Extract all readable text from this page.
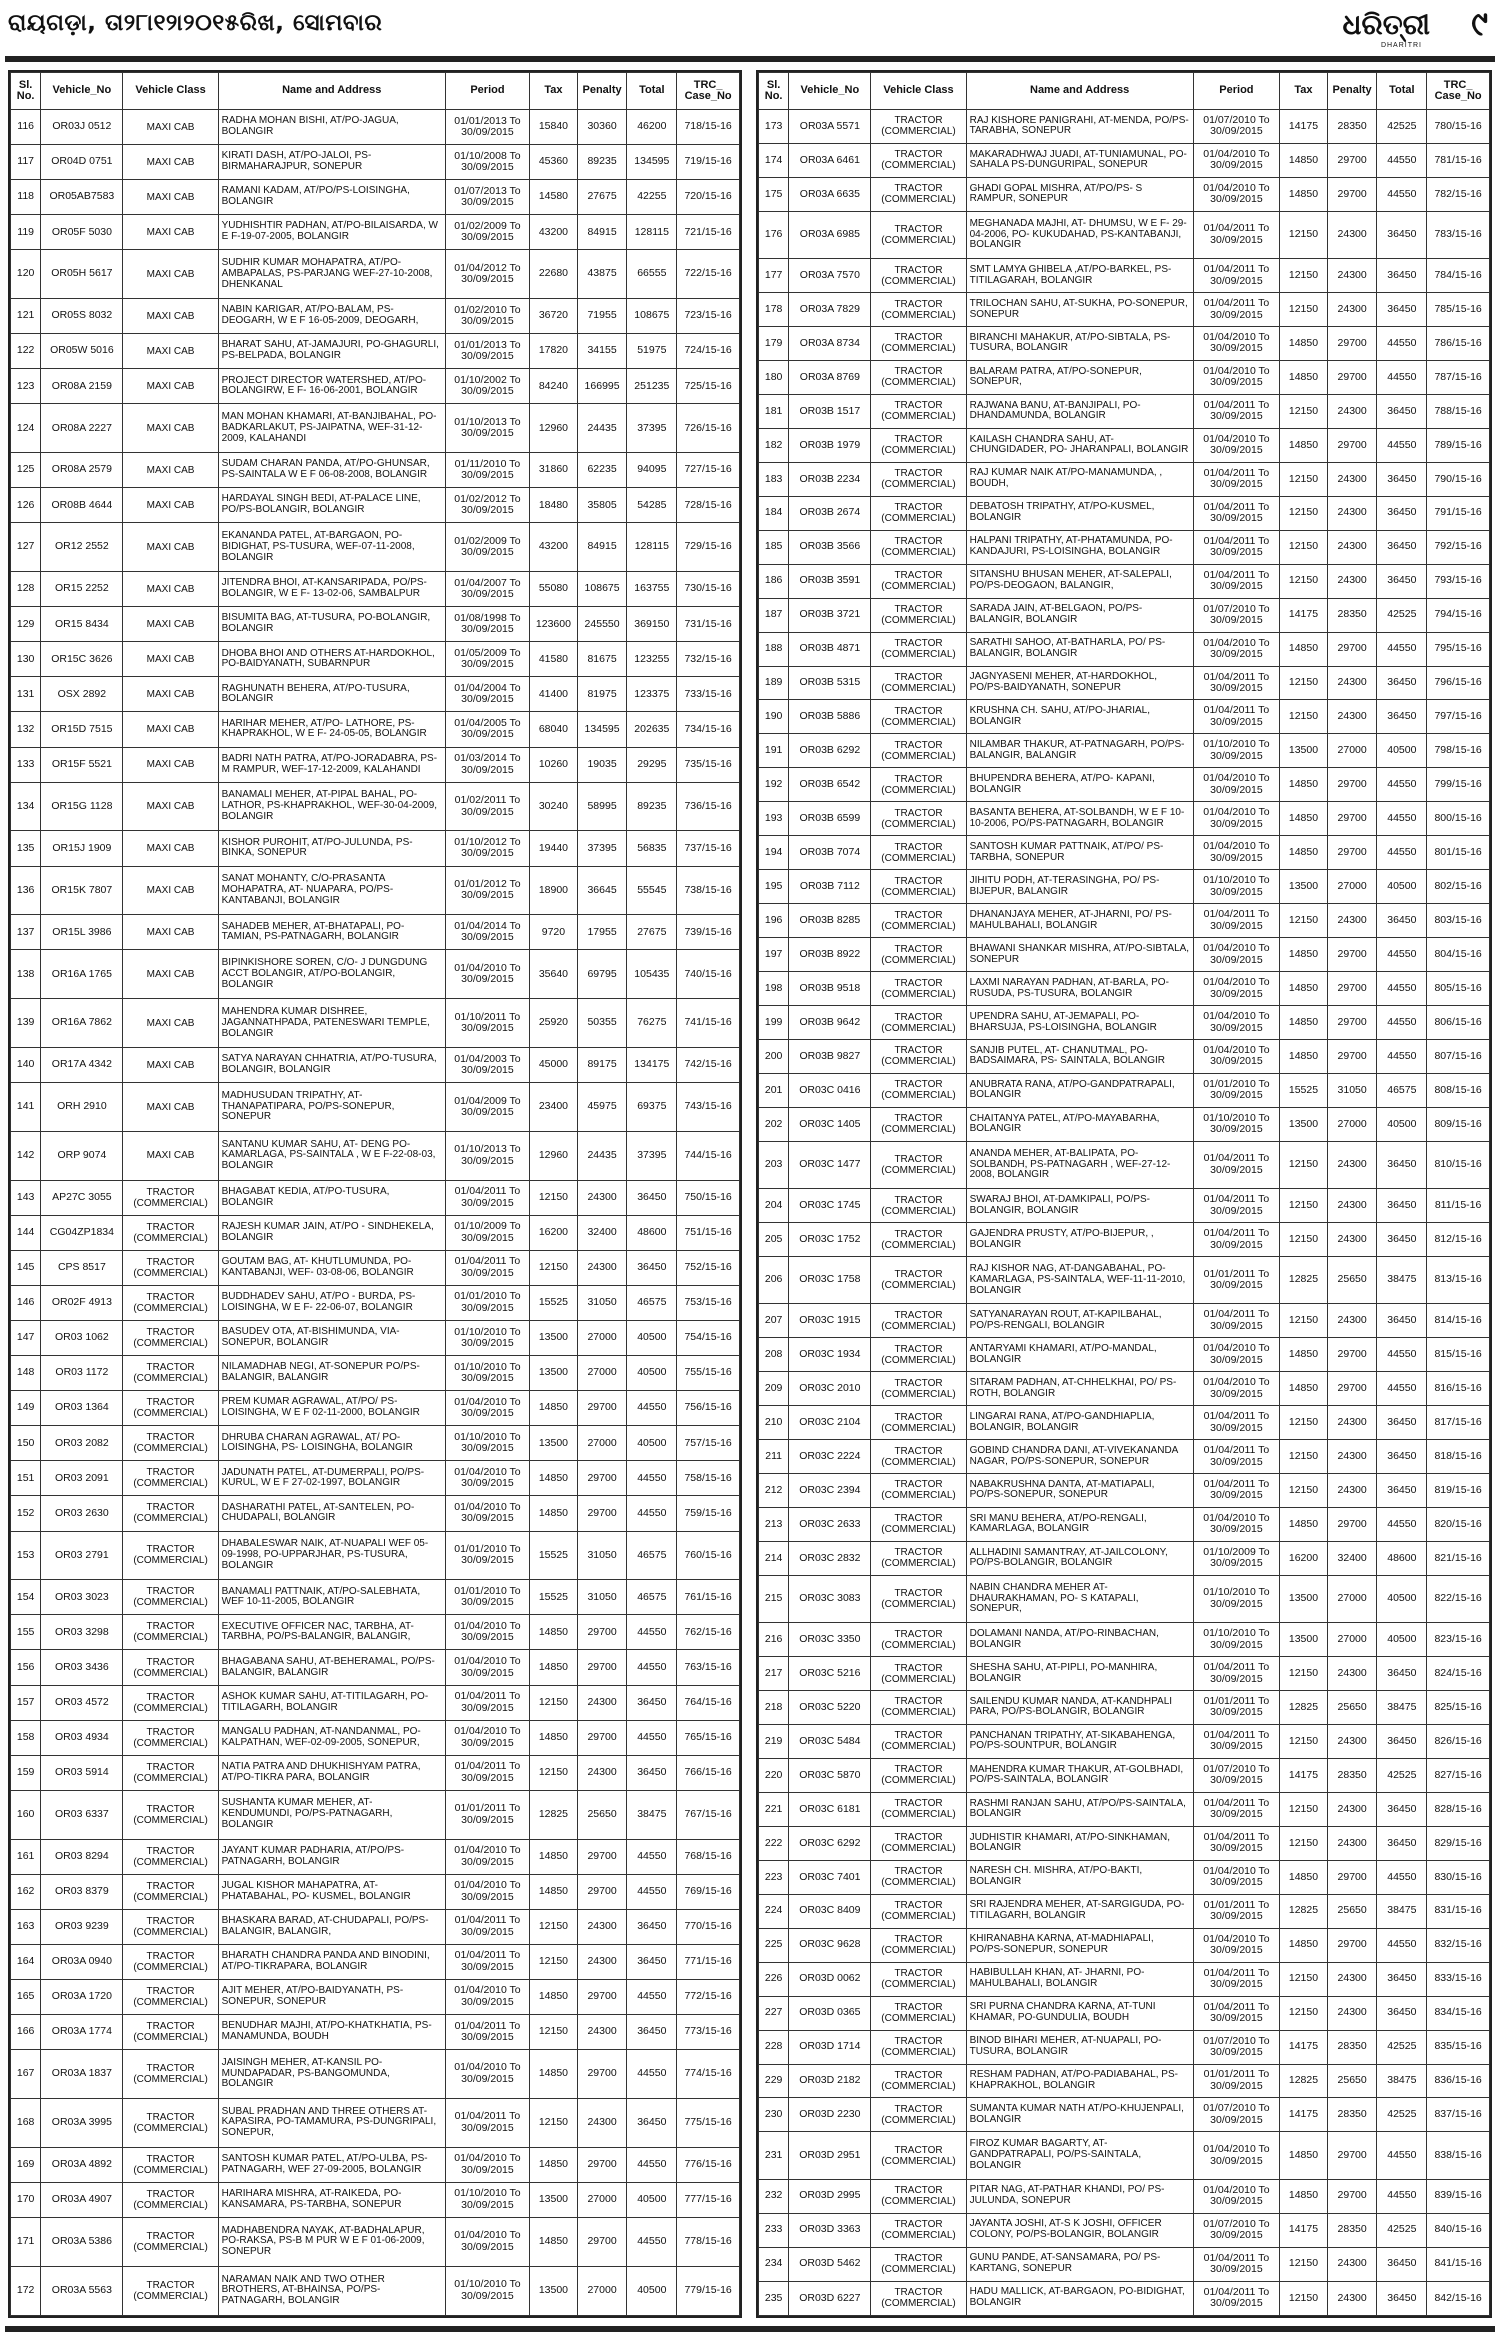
ରାୟଗଡ଼ା, ତା୨୮ା୧୨ା୨୦୧୫ରିଖ, ସୋମବାର	ଧରିତ୍ରୀ
DHARITRI
୯
Sl. No.	Vehicle_No	Vehicle Class	Name and Address	Period	Tax	Penalty	Total	TRC_ Case_No
116	OR03J 0512	MAXI CAB	RADHA MOHAN BISHI, AT/PO-JAGUA, BOLANGIR	01/01/2013 To 30/09/2015	15840	30360	46200	718/15-16
117	OR04D 0751	MAXI CAB	KIRATI DASH, AT/PO-JALOI, PS-BIRMAHARAJPUR, SONEPUR	01/10/2008 To 30/09/2015	45360	89235	134595	719/15-16
118	OR05AB7583	MAXI CAB	RAMANI KADAM, AT/PO/PS-LOISINGHA, BOLANGIR	01/07/2013 To 30/09/2015	14580	27675	42255	720/15-16
119	OR05F 5030	MAXI CAB	YUDHISHTIR PADHAN, AT/PO-BILAISARDA, W E F-19-07-2005, BOLANGIR	01/02/2009 To 30/09/2015	43200	84915	128115	721/15-16
120	OR05H 5617	MAXI CAB	SUDHIR KUMAR MOHAPATRA, AT/PO-AMBAPALAS, PS-PARJANG WEF-27-10-2008, DHENKANAL	01/04/2012 To 30/09/2015	22680	43875	66555	722/15-16
121	OR05S 8032	MAXI CAB	NABIN KARIGAR, AT/PO-BALAM, PS-DEOGARH, W E F 16-05-2009, DEOGARH,	01/02/2010 To 30/09/2015	36720	71955	108675	723/15-16
122	OR05W 5016	MAXI CAB	BHARAT SAHU, AT-JAMAJURI, PO-GHAGURLI, PS-BELPADA, BOLANGIR	01/01/2013 To 30/09/2015	17820	34155	51975	724/15-16
123	OR08A 2159	MAXI CAB	PROJECT DIRECTOR WATERSHED, AT/PO- BOLANGIRW, E F- 16-06-2001, BOLANGIR	01/10/2002 To 30/09/2015	84240	166995	251235	725/15-16
124	OR08A 2227	MAXI CAB	MAN MOHAN KHAMARI, AT-BANJIBAHAL, PO-BADKARLAKUT, PS-JAIPATNA, WEF-31-12-2009, KALAHANDI	01/10/2013 To 30/09/2015	12960	24435	37395	726/15-16
125	OR08A 2579	MAXI CAB	SUDAM CHARAN PANDA, AT/PO-GHUNSAR, PS-SAINTALA W E F 06-08-2008, BOLANGIR	01/11/2010 To 30/09/2015	31860	62235	94095	727/15-16
126	OR08B 4644	MAXI CAB	HARDAYAL SINGH BEDI, AT-PALACE LINE, PO/PS-BOLANGIR, BOLANGIR	01/02/2012 To 30/09/2015	18480	35805	54285	728/15-16
127	OR12 2552	MAXI CAB	EKANANDA PATEL, AT-BARGAON, PO-BIDIGHAT, PS-TUSURA, WEF-07-11-2008, BOLANGIR	01/02/2009 To 30/09/2015	43200	84915	128115	729/15-16
128	OR15 2252	MAXI CAB	JITENDRA BHOI, AT-KANSARIPADA, PO/PS- BOLANGIR, W E F- 13-02-06, SAMBALPUR	01/04/2007 To 30/09/2015	55080	108675	163755	730/15-16
129	OR15 8434	MAXI CAB	BISUMITA BAG, AT-TUSURA, PO-BOLANGIR, BOLANGIR	01/08/1998 To 30/09/2015	123600	245550	369150	731/15-16
130	OR15C 3626	MAXI CAB	DHOBA BHOI AND OTHERS AT-HARDOKHOL, PO-BAIDYANATH, SUBARNPUR	01/05/2009 To 30/09/2015	41580	81675	123255	732/15-16
131	OSX 2892	MAXI CAB	RAGHUNATH BEHERA, AT/PO-TUSURA, BOLANGIR	01/04/2004 To 30/09/2015	41400	81975	123375	733/15-16
132	OR15D 7515	MAXI CAB	HARIHAR MEHER, AT/PO- LATHORE, PS- KHAPRAKHOL, W E F- 24-05-05, BOLANGIR	01/04/2005 To 30/09/2015	68040	134595	202635	734/15-16
133	OR15F 5521	MAXI CAB	BADRI NATH PATRA, AT/PO-JORADABRA, PS-M RAMPUR, WEF-17-12-2009, KALAHANDI	01/03/2014 To 30/09/2015	10260	19035	29295	735/15-16
134	OR15G 1128	MAXI CAB	BANAMALI MEHER, AT-PIPAL BAHAL, PO-LATHOR, PS-KHAPRAKHOL, WEF-30-04-2009, BOLANGIR	01/02/2011 To 30/09/2015	30240	58995	89235	736/15-16
135	OR15J 1909	MAXI CAB	KISHOR PUROHIT, AT/PO-JULUNDA, PS-BINKA, SONEPUR	01/10/2012 To 30/09/2015	19440	37395	56835	737/15-16
136	OR15K 7807	MAXI CAB	SANAT MOHANTY, C/O-PRASANTA MOHAPATRA, AT- NUAPARA, PO/PS-KANTABANJI, BOLANGIR	01/01/2012 To 30/09/2015	18900	36645	55545	738/15-16
137	OR15L 3986	MAXI CAB	SAHADEB MEHER, AT-BHATAPALI, PO-TAMIAN, PS-PATNAGARH, BOLANGIR	01/04/2014 To 30/09/2015	9720	17955	27675	739/15-16
138	OR16A 1765	MAXI CAB	BIPINKISHORE SOREN, C/O- J DUNGDUNG ACCT BOLANGIR, AT/PO-BOLANGIR, BOLANGIR	01/04/2010 To 30/09/2015	35640	69795	105435	740/15-16
139	OR16A 7862	MAXI CAB	MAHENDRA KUMAR DISHREE, JAGANNATHPADA, PATENESWARI TEMPLE, BOLANGIR	01/10/2011 To 30/09/2015	25920	50355	76275	741/15-16
140	OR17A 4342	MAXI CAB	SATYA NARAYAN CHHATRIA, AT/PO-TUSURA, BOLANGIR, BOLANGIR	01/04/2003 To 30/09/2015	45000	89175	134175	742/15-16
141	ORH 2910	MAXI CAB	MADHUSUDAN TRIPATHY, AT-THANAPATIPARA, PO/PS-SONEPUR, SONEPUR	01/04/2009 To 30/09/2015	23400	45975	69375	743/15-16
142	ORP 9074	MAXI CAB	SANTANU KUMAR SAHU, AT- DENG PO- KAMARLAGA, PS-SAINTALA , W E F-22-08-03, BOLANGIR	01/10/2013 To 30/09/2015	12960	24435	37395	744/15-16
143	AP27C 3055	TRACTOR (COMMERCIAL)	BHAGABAT KEDIA, AT/PO-TUSURA, BOLANGIR	01/04/2011 To 30/09/2015	12150	24300	36450	750/15-16
144	CG04ZP1834	TRACTOR (COMMERCIAL)	RAJESH KUMAR JAIN, AT/PO - SINDHEKELA, BOLANGIR	01/10/2009 To 30/09/2015	16200	32400	48600	751/15-16
145	CPS 8517	TRACTOR (COMMERCIAL)	GOUTAM BAG, AT- KHUTLUMUNDA, PO- KANTABANJI, WEF- 03-08-06, BOLANGIR	01/04/2011 To 30/09/2015	12150	24300	36450	752/15-16
146	OR02F 4913	TRACTOR (COMMERCIAL)	BUDDHADEV SAHU, AT/PO - BURDA, PS- LOISINGHA, W E F- 22-06-07, BOLANGIR	01/01/2010 To 30/09/2015	15525	31050	46575	753/15-16
147	OR03 1062	TRACTOR (COMMERCIAL)	BASUDEV OTA, AT-BISHIMUNDA, VIA-SONEPUR, BOLANGIR	01/10/2010 To 30/09/2015	13500	27000	40500	754/15-16
148	OR03 1172	TRACTOR (COMMERCIAL)	NILAMADHAB NEGI, AT-SONEPUR PO/PS-BALANGIR, BALANGIR	01/10/2010 To 30/09/2015	13500	27000	40500	755/15-16
149	OR03 1364	TRACTOR (COMMERCIAL)	PREM KUMAR AGRAWAL, AT/PO/ PS-LOISINGHA, W E F 02-11-2000, BOLANGIR	01/04/2010 To 30/09/2015	14850	29700	44550	756/15-16
150	OR03 2082	TRACTOR (COMMERCIAL)	DHRUBA CHARAN AGRAWAL, AT/ PO-LOISINGHA, PS- LOISINGHA, BOLANGIR	01/10/2010 To 30/09/2015	13500	27000	40500	757/15-16
151	OR03 2091	TRACTOR (COMMERCIAL)	JADUNATH PATEL, AT-DUMERPALI, PO/PS-KURUL, W E F 27-02-1997, BOLANGIR	01/04/2010 To 30/09/2015	14850	29700	44550	758/15-16
152	OR03 2630	TRACTOR (COMMERCIAL)	DASHARATHI PATEL, AT-SANTELEN, PO-CHUDAPALI, BOLANGIR	01/04/2010 To 30/09/2015	14850	29700	44550	759/15-16
153	OR03 2791	TRACTOR (COMMERCIAL)	DHABALESWAR NAIK, AT-NUAPALI WEF 05-09-1998, PO-UPPARJHAR, PS-TUSURA, BOLANGIR	01/01/2010 To 30/09/2015	15525	31050	46575	760/15-16
154	OR03 3023	TRACTOR (COMMERCIAL)	BANAMALI PATTNAIK, AT/PO-SALEBHATA, WEF 10-11-2005, BOLANGIR	01/01/2010 To 30/09/2015	15525	31050	46575	761/15-16
155	OR03 3298	TRACTOR (COMMERCIAL)	EXECUTIVE OFFICER NAC, TARBHA, AT-TARBHA, PO/PS-BALANGIR, BALANGIR,	01/04/2010 To 30/09/2015	14850	29700	44550	762/15-16
156	OR03 3436	TRACTOR (COMMERCIAL)	BHAGABANA SAHU, AT-BEHERAMAL, PO/PS-BALANGIR, BALANGIR	01/04/2010 To 30/09/2015	14850	29700	44550	763/15-16
157	OR03 4572	TRACTOR (COMMERCIAL)	ASHOK KUMAR SAHU, AT-TITILAGARH, PO-TITILAGARH, BOLANGIR	01/04/2011 To 30/09/2015	12150	24300	36450	764/15-16
158	OR03 4934	TRACTOR (COMMERCIAL)	MANGALU PADHAN, AT-NANDANMAL, PO-KALPATHAN, WEF-02-09-2005, SONEPUR,	01/04/2010 To 30/09/2015	14850	29700	44550	765/15-16
159	OR03 5914	TRACTOR (COMMERCIAL)	NATIA PATRA AND DHUKHISHYAM PATRA, AT/PO-TIKRA PARA, BOLANGIR	01/04/2011 To 30/09/2015	12150	24300	36450	766/15-16
160	OR03 6337	TRACTOR (COMMERCIAL)	SUSHANTA KUMAR MEHER, AT-KENDUMUNDI, PO/PS-PATNAGARH, BOLANGIR	01/01/2011 To 30/09/2015	12825	25650	38475	767/15-16
161	OR03 8294	TRACTOR (COMMERCIAL)	JAYANT KUMAR PADHARIA, AT/PO/PS-PATNAGARH, BOLANGIR	01/04/2010 To 30/09/2015	14850	29700	44550	768/15-16
162	OR03 8379	TRACTOR (COMMERCIAL)	JUGAL KISHOR MAHAPATRA, AT-PHATABAHAL, PO- KUSMEL, BOLANGIR	01/04/2010 To 30/09/2015	14850	29700	44550	769/15-16
163	OR03 9239	TRACTOR (COMMERCIAL)	BHASKARA BARAD, AT-CHUDAPALI, PO/PS-BALANGIR, BALANGIR,	01/04/2011 To 30/09/2015	12150	24300	36450	770/15-16
164	OR03A 0940	TRACTOR (COMMERCIAL)	BHARATH CHANDRA PANDA AND BINODINI, AT/PO-TIKRAPARA, BOLANGIR	01/04/2011 To 30/09/2015	12150	24300	36450	771/15-16
165	OR03A 1720	TRACTOR (COMMERCIAL)	AJIT MEHER, AT/PO-BAIDYANATH, PS-SONEPUR, SONEPUR	01/04/2010 To 30/09/2015	14850	29700	44550	772/15-16
166	OR03A 1774	TRACTOR (COMMERCIAL)	BENUDHAR MAJHI, AT/PO-KHATKHATIA, PS-MANAMUNDA, BOUDH	01/04/2011 To 30/09/2015	12150	24300	36450	773/15-16
167	OR03A 1837	TRACTOR (COMMERCIAL)	JAISINGH MEHER, AT-KANSIL PO-MUNDAPADAR, PS-BANGOMUNDA, BOLANGIR	01/04/2010 To 30/09/2015	14850	29700	44550	774/15-16
168	OR03A 3995	TRACTOR (COMMERCIAL)	SUBAL PRADHAN AND THREE OTHERS AT-KAPASIRA, PO-TAMAMURA, PS-DUNGRIPALI, SONEPUR,	01/04/2011 To 30/09/2015	12150	24300	36450	775/15-16
169	OR03A 4892	TRACTOR (COMMERCIAL)	SANTOSH KUMAR PATEL, AT/PO-ULBA, PS- PATNAGARH, WEF 27-09-2005, BOLANGIR	01/04/2010 To 30/09/2015	14850	29700	44550	776/15-16
170	OR03A 4907	TRACTOR (COMMERCIAL)	HARIHARA MISHRA, AT-RAIKEDA, PO-KANSAMARA, PS-TARBHA, SONEPUR	01/10/2010 To 30/09/2015	13500	27000	40500	777/15-16
171	OR03A 5386	TRACTOR (COMMERCIAL)	MADHABENDRA NAYAK, AT-BADHALAPUR, PO-RAKSA, PS-B M PUR W E F 01-06-2009, SONEPUR	01/04/2010 To 30/09/2015	14850	29700	44550	778/15-16
172	OR03A 5563	TRACTOR (COMMERCIAL)	NARAMAN NAIK AND TWO OTHER BROTHERS, AT-BHAINSA, PO/PS-PATNAGARH, BOLANGIR	01/10/2010 To 30/09/2015	13500	27000	40500	779/15-16
Sl. No.	Vehicle_No	Vehicle Class	Name and Address	Period	Tax	Penalty	Total	TRC_ Case_No
173	OR03A 5571	TRACTOR (COMMERCIAL)	RAJ KISHORE PANIGRAHI, AT-MENDA, PO/PS-TARABHA, SONEPUR	01/07/2010 To 30/09/2015	14175	28350	42525	780/15-16
174	OR03A 6461	TRACTOR (COMMERCIAL)	MAKARADHWAJ JUADI, AT-TUNIAMUNAL, PO-SAHALA PS-DUNGURIPAL, SONEPUR	01/04/2010 To 30/09/2015	14850	29700	44550	781/15-16
175	OR03A 6635	TRACTOR (COMMERCIAL)	GHADI GOPAL MISHRA, AT/PO/PS- S RAMPUR, SONEPUR	01/04/2010 To 30/09/2015	14850	29700	44550	782/15-16
176	OR03A 6985	TRACTOR (COMMERCIAL)	MEGHANADA MAJHI, AT- DHUMSU, W E F- 29-04-2006, PO- KUKUDAHAD, PS-KANTABANJI, BOLANGIR	01/04/2011 To 30/09/2015	12150	24300	36450	783/15-16
177	OR03A 7570	TRACTOR (COMMERCIAL)	SMT LAMYA GHIBELA ,AT/PO-BARKEL, PS-TITILAGARAH, BOLANGIR	01/04/2011 To 30/09/2015	12150	24300	36450	784/15-16
178	OR03A 7829	TRACTOR (COMMERCIAL)	TRILOCHAN SAHU, AT-SUKHA, PO-SONEPUR, SONEPUR	01/04/2011 To 30/09/2015	12150	24300	36450	785/15-16
179	OR03A 8734	TRACTOR (COMMERCIAL)	BIRANCHI MAHAKUR, AT/PO-SIBTALA, PS-TUSURA, BOLANGIR	01/04/2010 To 30/09/2015	14850	29700	44550	786/15-16
180	OR03A 8769	TRACTOR (COMMERCIAL)	BALARAM PATRA, AT/PO-SONEPUR, SONEPUR,	01/04/2010 To 30/09/2015	14850	29700	44550	787/15-16
181	OR03B 1517	TRACTOR (COMMERCIAL)	RAJWANA BANU, AT-BANJIPALI, PO-DHANDAMUNDA, BOLANGIR	01/04/2011 To 30/09/2015	12150	24300	36450	788/15-16
182	OR03B 1979	TRACTOR (COMMERCIAL)	KAILASH CHANDRA SAHU, AT-CHUNGIDADER, PO- JHARANPALI, BOLANGIR	01/04/2010 To 30/09/2015	14850	29700	44550	789/15-16
183	OR03B 2234	TRACTOR (COMMERCIAL)	RAJ KUMAR NAIK AT/PO-MANAMUNDA, , BOUDH,	01/04/2011 To 30/09/2015	12150	24300	36450	790/15-16
184	OR03B 2674	TRACTOR (COMMERCIAL)	DEBATOSH TRIPATHY, AT/PO-KUSMEL, BOLANGIR	01/04/2011 To 30/09/2015	12150	24300	36450	791/15-16
185	OR03B 3566	TRACTOR (COMMERCIAL)	HALPANI TRIPATHY, AT-PHATAMUNDA, PO-KANDAJURI, PS-LOISINGHA, BOLANGIR	01/04/2011 To 30/09/2015	12150	24300	36450	792/15-16
186	OR03B 3591	TRACTOR (COMMERCIAL)	SITANSHU BHUSAN MEHER, AT-SALEPALI, PO/PS-DEOGAON, BALANGIR,	01/04/2011 To 30/09/2015	12150	24300	36450	793/15-16
187	OR03B 3721	TRACTOR (COMMERCIAL)	SARADA JAIN, AT-BELGAON, PO/PS-BALANGIR, BOLANGIR	01/07/2010 To 30/09/2015	14175	28350	42525	794/15-16
188	OR03B 4871	TRACTOR (COMMERCIAL)	SARATHI SAHOO, AT-BATHARLA, PO/ PS-BALANGIR, BOLANGIR	01/04/2010 To 30/09/2015	14850	29700	44550	795/15-16
189	OR03B 5315	TRACTOR (COMMERCIAL)	JAGNYASENI MEHER, AT-HARDOKHOL, PO/PS-BAIDYANATH, SONEPUR	01/04/2011 To 30/09/2015	12150	24300	36450	796/15-16
190	OR03B 5886	TRACTOR (COMMERCIAL)	KRUSHNA CH. SAHU, AT/PO-JHARIAL, BOLANGIR	01/04/2011 To 30/09/2015	12150	24300	36450	797/15-16
191	OR03B 6292	TRACTOR (COMMERCIAL)	NILAMBAR THAKUR, AT-PATNAGARH, PO/PS-BALANGIR, BALANGIR	01/10/2010 To 30/09/2015	13500	27000	40500	798/15-16
192	OR03B 6542	TRACTOR (COMMERCIAL)	BHUPENDRA BEHERA, AT/PO- KAPANI, BOLANGIR	01/04/2010 To 30/09/2015	14850	29700	44550	799/15-16
193	OR03B 6599	TRACTOR (COMMERCIAL)	BASANTA BEHERA, AT-SOLBANDH, W E F 10-10-2006, PO/PS-PATNAGARH, BOLANGIR	01/04/2010 To 30/09/2015	14850	29700	44550	800/15-16
194	OR03B 7074	TRACTOR (COMMERCIAL)	SANTOSH KUMAR PATTNAIK, AT/PO/ PS-TARBHA, SONEPUR	01/04/2010 To 30/09/2015	14850	29700	44550	801/15-16
195	OR03B 7112	TRACTOR (COMMERCIAL)	JIHITU PODH, AT-TERASINGHA, PO/ PS-BIJEPUR, BALANGIR	01/10/2010 To 30/09/2015	13500	27000	40500	802/15-16
196	OR03B 8285	TRACTOR (COMMERCIAL)	DHANANJAYA MEHER, AT-JHARNI, PO/ PS-MAHULBAHALI, BOLANGIR	01/04/2011 To 30/09/2015	12150	24300	36450	803/15-16
197	OR03B 8922	TRACTOR (COMMERCIAL)	BHAWANI SHANKAR MISHRA, AT/PO-SIBTALA, SONEPUR	01/04/2010 To 30/09/2015	14850	29700	44550	804/15-16
198	OR03B 9518	TRACTOR (COMMERCIAL)	LAXMI NARAYAN PADHAN, AT-BARLA, PO-RUSUDA, PS-TUSURA, BOLANGIR	01/04/2010 To 30/09/2015	14850	29700	44550	805/15-16
199	OR03B 9642	TRACTOR (COMMERCIAL)	UPENDRA SAHU, AT-JEMAPALI, PO-BHARSUJA, PS-LOISINGHA, BOLANGIR	01/04/2010 To 30/09/2015	14850	29700	44550	806/15-16
200	OR03B 9827	TRACTOR (COMMERCIAL)	SANJIB PUTEL, AT- CHANUTMAL, PO-BADSAIMARA, PS- SAINTALA, BOLANGIR	01/04/2010 To 30/09/2015	14850	29700	44550	807/15-16
201	OR03C 0416	TRACTOR (COMMERCIAL)	ANUBRATA RANA, AT/PO-GANDPATRAPALI, BOLANGIR	01/01/2010 To 30/09/2015	15525	31050	46575	808/15-16
202	OR03C 1405	TRACTOR (COMMERCIAL)	CHAITANYA PATEL, AT/PO-MAYABARHA, BOLANGIR	01/10/2010 To 30/09/2015	13500	27000	40500	809/15-16
203	OR03C 1477	TRACTOR (COMMERCIAL)	ANANDA MEHER, AT-BALIPATA, PO-SOLBANDH, PS-PATNAGARH , WEF-27-12-2008, BOLANGIR	01/04/2011 To 30/09/2015	12150	24300	36450	810/15-16
204	OR03C 1745	TRACTOR (COMMERCIAL)	SWARAJ BHOI, AT-DAMKIPALI, PO/PS-BOLANGIR, BOLANGIR	01/04/2011 To 30/09/2015	12150	24300	36450	811/15-16
205	OR03C 1752	TRACTOR (COMMERCIAL)	GAJENDRA PRUSTY, AT/PO-BIJEPUR, , BOLANGIR	01/04/2011 To 30/09/2015	12150	24300	36450	812/15-16
206	OR03C 1758	TRACTOR (COMMERCIAL)	RAJ KISHOR NAG, AT-DANGABAHAL, PO-KAMARLAGA, PS-SAINTALA, WEF-11-11-2010, BOLANGIR	01/01/2011 To 30/09/2015	12825	25650	38475	813/15-16
207	OR03C 1915	TRACTOR (COMMERCIAL)	SATYANARAYAN ROUT, AT-KAPILBAHAL, PO/PS-RENGALI, BOLANGIR	01/04/2011 To 30/09/2015	12150	24300	36450	814/15-16
208	OR03C 1934	TRACTOR (COMMERCIAL)	ANTARYAMI KHAMARI, AT/PO-MANDAL, BOLANGIR	01/04/2010 To 30/09/2015	14850	29700	44550	815/15-16
209	OR03C 2010	TRACTOR (COMMERCIAL)	SITARAM PADHAN, AT-CHHELKHAI, PO/ PS-ROTH, BOLANGIR	01/04/2010 To 30/09/2015	14850	29700	44550	816/15-16
210	OR03C 2104	TRACTOR (COMMERCIAL)	LINGARAI RANA, AT/PO-GANDHIAPLIA, BOLANGIR, BOLANGIR	01/04/2011 To 30/09/2015	12150	24300	36450	817/15-16
211	OR03C 2224	TRACTOR (COMMERCIAL)	GOBIND CHANDRA DANI, AT-VIVEKANANDA NAGAR, PO/PS-SONEPUR, SONEPUR	01/04/2011 To 30/09/2015	12150	24300	36450	818/15-16
212	OR03C 2394	TRACTOR (COMMERCIAL)	NABAKRUSHNA DANTA, AT-MATIAPALI, PO/PS-SONEPUR, SONEPUR	01/04/2011 To 30/09/2015	12150	24300	36450	819/15-16
213	OR03C 2633	TRACTOR (COMMERCIAL)	SRI MANU BEHERA, AT/PO-RENGALI, KAMARLAGA, BOLANGIR	01/04/2010 To 30/09/2015	14850	29700	44550	820/15-16
214	OR03C 2832	TRACTOR (COMMERCIAL)	ALLHADINI SAMANTRAY, AT-JAILCOLONY, PO/PS-BOLANGIR, BOLANGIR	01/10/2009 To 30/09/2015	16200	32400	48600	821/15-16
215	OR03C 3083	TRACTOR (COMMERCIAL)	NABIN CHANDRA MEHER AT-DHAURAKHAMAN, PO- S KATAPALI, SONEPUR,	01/10/2010 To 30/09/2015	13500	27000	40500	822/15-16
216	OR03C 3350	TRACTOR (COMMERCIAL)	DOLAMANI NANDA, AT/PO-RINBACHAN, BOLANGIR	01/10/2010 To 30/09/2015	13500	27000	40500	823/15-16
217	OR03C 5216	TRACTOR (COMMERCIAL)	SHESHA SAHU, AT-PIPLI, PO-MANHIRA, BOLANGIR	01/04/2011 To 30/09/2015	12150	24300	36450	824/15-16
218	OR03C 5220	TRACTOR (COMMERCIAL)	SAILENDU KUMAR NANDA, AT-KANDHPALI PARA, PO/PS-BOLANGIR, BOLANGIR	01/01/2011 To 30/09/2015	12825	25650	38475	825/15-16
219	OR03C 5484	TRACTOR (COMMERCIAL)	PANCHANAN TRIPATHY, AT-SIKABAHENGA, PO/PS-SOUNTPUR, BOLANGIR	01/04/2011 To 30/09/2015	12150	24300	36450	826/15-16
220	OR03C 5870	TRACTOR (COMMERCIAL)	MAHENDRA KUMAR THAKUR, AT-GOLBHADI, PO/PS-SAINTALA, BOLANGIR	01/07/2010 To 30/09/2015	14175	28350	42525	827/15-16
221	OR03C 6181	TRACTOR (COMMERCIAL)	RASHMI RANJAN SAHU, AT/PO/PS-SAINTALA, BOLANGIR	01/04/2011 To 30/09/2015	12150	24300	36450	828/15-16
222	OR03C 6292	TRACTOR (COMMERCIAL)	JUDHISTIR KHAMARI, AT/PO-SINKHAMAN, BOLANGIR	01/04/2011 To 30/09/2015	12150	24300	36450	829/15-16
223	OR03C 7401	TRACTOR (COMMERCIAL)	NARESH CH. MISHRA, AT/PO-BAKTI, BOLANGIR	01/04/2010 To 30/09/2015	14850	29700	44550	830/15-16
224	OR03C 8409	TRACTOR (COMMERCIAL)	SRI RAJENDRA MEHER, AT-SARGIGUDA, PO- TITILAGARH, BOLANGIR	01/01/2011 To 30/09/2015	12825	25650	38475	831/15-16
225	OR03C 9628	TRACTOR (COMMERCIAL)	KHIRANABHA KARNA, AT-MADHIAPALI, PO/PS-SONEPUR, SONEPUR	01/04/2010 To 30/09/2015	14850	29700	44550	832/15-16
226	OR03D 0062	TRACTOR (COMMERCIAL)	HABIBULLAH KHAN, AT- JHARNI, PO-MAHULBAHALI, BOLANGIR	01/04/2011 To 30/09/2015	12150	24300	36450	833/15-16
227	OR03D 0365	TRACTOR (COMMERCIAL)	SRI PURNA CHANDRA KARNA, AT-TUNI KHAMAR, PO-GUNDULIA, BOUDH	01/04/2011 To 30/09/2015	12150	24300	36450	834/15-16
228	OR03D 1714	TRACTOR (COMMERCIAL)	BINOD BIHARI MEHER, AT-NUAPALI, PO-TUSURA, BOLANGIR	01/07/2010 To 30/09/2015	14175	28350	42525	835/15-16
229	OR03D 2182	TRACTOR (COMMERCIAL)	RESHAM PADHAN, AT/PO-PADIABAHAL, PS-KHAPRAKHOL, BOLANGIR	01/01/2011 To 30/09/2015	12825	25650	38475	836/15-16
230	OR03D 2230	TRACTOR (COMMERCIAL)	SUMANTA KUMAR NATH AT/PO-KHUJENPALI, BOLANGIR	01/07/2010 To 30/09/2015	14175	28350	42525	837/15-16
231	OR03D 2951	TRACTOR (COMMERCIAL)	FIROZ KUMAR BAGARTY, AT-GANDPATRAPALI, PO/PS-SAINTALA, BOLANGIR	01/04/2010 To 30/09/2015	14850	29700	44550	838/15-16
232	OR03D 2995	TRACTOR (COMMERCIAL)	PITAR NAG, AT-PATHAR KHANDI, PO/ PS-JULUNDA, SONEPUR	01/04/2010 To 30/09/2015	14850	29700	44550	839/15-16
233	OR03D 3363	TRACTOR (COMMERCIAL)	JAYANTA JOSHI, AT-S K JOSHI, OFFICER COLONY, PO/PS-BOLANGIR, BOLANGIR	01/07/2010 To 30/09/2015	14175	28350	42525	840/15-16
234	OR03D 5462	TRACTOR (COMMERCIAL)	GUNU PANDE, AT-SANSAMARA, PO/ PS-KARTANG, SONEPUR	01/04/2011 To 30/09/2015	12150	24300	36450	841/15-16
235	OR03D 6227	TRACTOR (COMMERCIAL)	HADU MALLICK, AT-BARGAON, PO-BIDIGHAT, BOLANGIR	01/04/2011 To 30/09/2015	12150	24300	36450	842/15-16
